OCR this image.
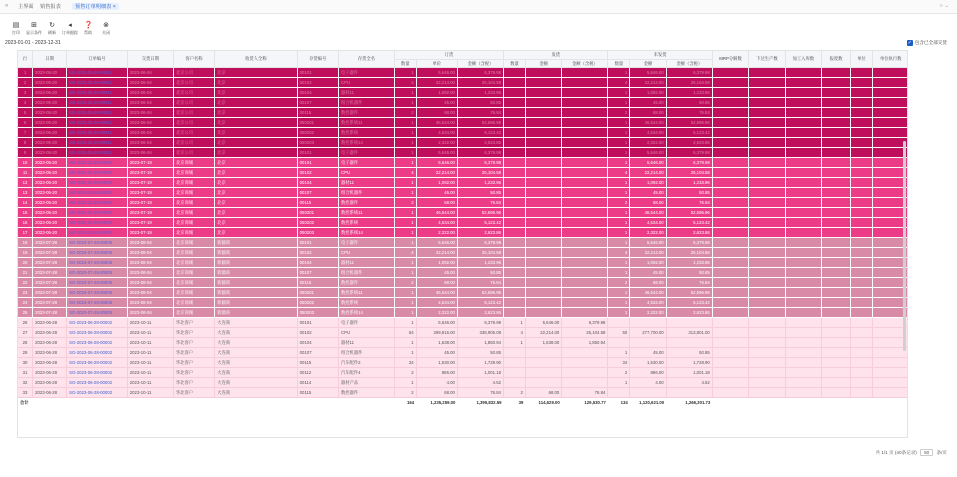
« 主界面 销售报表	预售订单明细表 ×	» ⌄
▤
打印
⊞
显示条件
↻
刷新
◂
订单跟踪
❓
帮助
⊗
关闭
2023-01-01 - 2023-12-31	✓ 包含已全部交货
行	日期	订单编号	交货日期	客户名称	收货人全称	存货编号	存货全名	订货			发货			未发货			MRP分解数	下达生产数	加工入库数	报废数	单位	单位执行数
								数量	单价	金额（含税）	数量	金额	金额（含税）	数量	金额	金额（含税）						
1	2023-05-20	SO-2023-05-20-00011	2023-06-04	北京公司	北京	00101	电子器件	1	5,646.00	6,379.98				1	5,646.00	6,379.98						
2	2023-05-20	SO-2023-05-20-00011	2023-06-04	北京公司	北京	00102	CPU	4	22,214.00	25,104.58				4	22,214.00	25,104.58						
3	2023-05-20	SO-2023-05-20-00011	2023-06-04	北京公司	北京	00104	器材11	1	1,092.00	1,233.96				1	1,092.00	1,233.96						
4	2023-05-20	SO-2023-05-20-00011	2023-06-04	北京公司	北京	00107	组合机器件	1	45.00	50.85				1	45.00	50.85						
5	2023-05-20	SO-2023-05-20-00011	2023-06-04	北京公司	北京	00115	数控器件	2	68.00	76.84				2	68.00	76.84						
6	2023-05-20	SO-2023-05-20-00011	2023-06-04	北京公司	北京	050201	数控系统11	1	46,544.00	52,596.96				1	46,544.00	52,596.96						
7	2023-05-20	SO-2023-05-20-00011	2023-06-04	北京公司	北京	050202	数控系统	1	4,534.00	5,123.42				1	4,534.00	5,123.42						
8	2023-05-20	SO-2023-05-20-00011	2023-06-04	北京公司	北京	050203	数控系统14	1	2,322.00	2,623.86				1	2,322.00	2,623.86						
9	2023-05-20	SO-2023-05-20-00011	2023-06-04	北京公司	北京	00101	电子器件	1	5,646.00	6,379.98				1	5,646.00	6,379.98						
10	2023-05-20	SO-2023-05-20-00008	2023-07-19	北京商城	北京	00101	电子器件	1	5,646.00	6,379.98				1	5,646.00	6,379.98						
11	2023-05-20	SO-2023-05-20-00008	2023-07-19	北京商城	北京	00102	CPU	4	22,214.00	25,104.58				4	22,214.00	25,104.58						
12	2023-05-20	SO-2023-05-20-00008	2023-07-19	北京商城	北京	00104	器材11	1	1,092.00	1,233.96				1	1,092.00	1,233.96						
13	2023-05-20	SO-2023-05-20-00008	2023-07-19	北京商城	北京	00107	组合机器件	1	45.00	50.85				1	45.00	50.85						
14	2023-05-20	SO-2023-05-20-00008	2023-07-19	北京商城	北京	00115	数控器件	2	68.00	76.84				2	68.00	76.84						
15	2023-05-20	SO-2023-05-20-00008	2023-07-19	北京商城	北京	050201	数控系统11	1	46,544.00	52,596.96				1	46,544.00	52,596.96						
16	2023-05-20	SO-2023-05-20-00008	2023-07-19	北京商城	北京	050202	数控系统	1	4,534.00	5,123.42				1	4,534.00	5,123.42						
17	2023-05-20	SO-2023-05-20-00008	2023-07-19	北京商城	北京	050203	数控系统14	1	2,322.00	2,623.86				1	2,322.00	2,623.86						
18	2023-07-28	SO-2023-07-28-00005	2023-08-04	北京商城	新疆商	00101	电子器件	1	5,646.00	6,379.98				1	5,646.00	6,379.98						
19	2023-07-28	SO-2023-07-28-00005	2023-08-04	北京商城	新疆商	00102	CPU	4	22,214.00	25,104.58				4	22,214.00	25,104.58						
20	2023-07-28	SO-2023-07-28-00005	2023-08-04	北京商城	新疆商	00104	器材11	1	1,092.00	1,233.96				1	1,092.00	1,233.96						
21	2023-07-28	SO-2023-07-28-00005	2023-08-04	北京商城	新疆商	00107	组合机器件	1	45.00	50.85				1	45.00	50.85						
22	2023-07-28	SO-2023-07-28-00005	2023-08-04	北京商城	新疆商	00115	数控器件	2	68.00	76.84				2	68.00	76.84						
23	2023-07-28	SO-2023-07-28-00005	2023-08-04	北京商城	新疆商	050201	数控系统11	1	46,544.00	52,596.96				1	46,544.00	52,596.96						
24	2023-07-28	SO-2023-07-28-00005	2023-08-04	北京商城	新疆商	050202	数控系统	1	4,534.00	5,123.42				1	4,534.00	5,123.42						
25	2023-07-28	SO-2023-07-28-00005	2023-08-04	北京商城	新疆商	050203	数控系统14	1	2,322.00	2,623.86				1	2,322.00	2,623.86						
26	2023-06-28	SO-2023-06-28-00002	2023-10-11	华北客户	大连商	00101	电子器件	1	5,646.00	6,379.98	1	5,646.00	6,379.98									
27	2023-06-28	SO-2023-06-28-00002	2023-10-11	华北客户	大连商	00102	CPU	54	299,916.00	338,905.08	4	22,214.00	25,104.58	50	277,700.00	313,801.00						
28	2023-06-28	SO-2023-06-28-00002	2023-10-11	华北客户	大连商	00104	器材11	1	1,638.00	1,850.94	1	1,638.00	1,850.94									
29	2023-06-28	SO-2023-06-28-00002	2023-10-11	华北客户	大连商	00107	组合机器件	1	45.00	50.85				1	45.00	50.85						
30	2023-06-28	SO-2023-06-28-00002	2023-10-11	华北客户	大连商	00115	汽车配件2	34	1,530.00	1,728.90				34	1,530.00	1,728.90						
31	2023-06-28	SO-2023-06-28-00002	2023-10-11	华北客户	大连商	00112	汽车配件4	2	886.00	1,001.18				2	886.00	1,001.18						
32	2023-06-28	SO-2023-06-28-00002	2023-10-11	华北客户	大连商	00114	器材产品	1	4.00	4.52				1	4.00	4.52						
33	2023-06-28	SO-2023-06-28-00002	2023-10-11	华北客户	大连商	00115	数控器件	2	68.00	76.84	2	68.00	76.84									
合计								164	1,235,259.00	1,395,832.59	39	114,629.00	129,530.77	134	1,120,621.00	1,266,301.73						
共 1/1 页 (40条记录) 50 条/页
